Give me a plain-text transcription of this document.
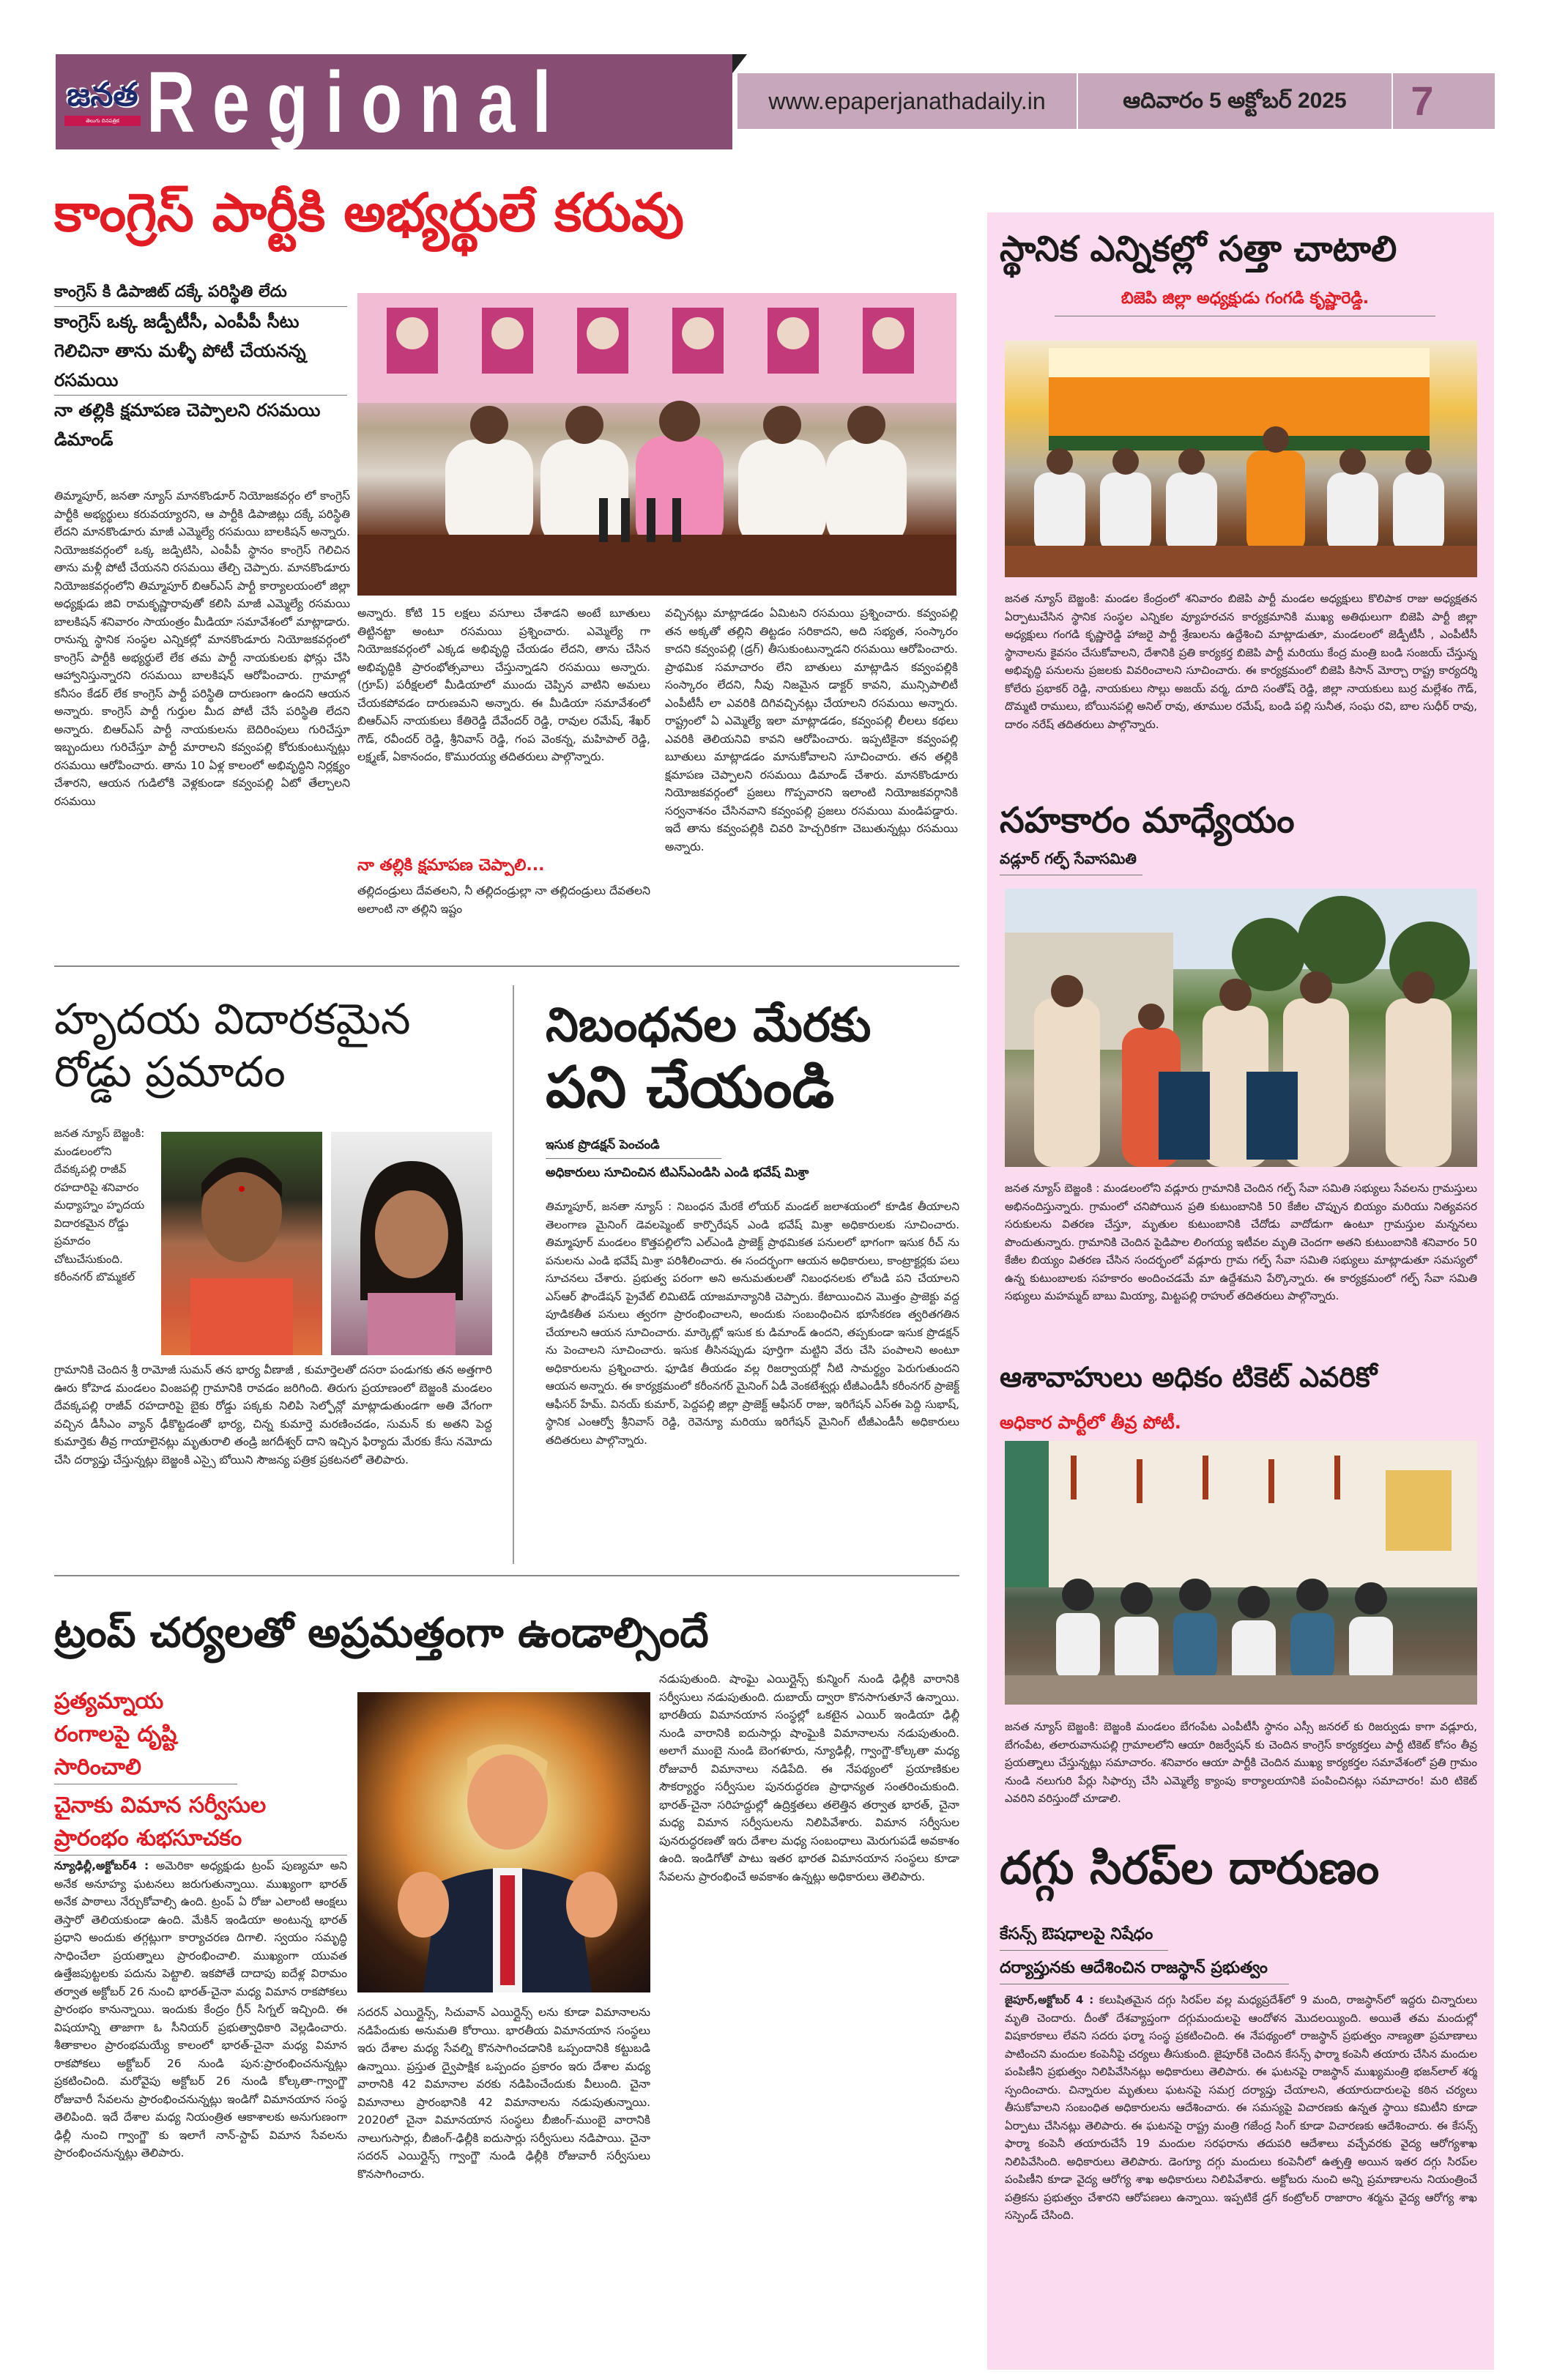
జనత
తెలుగు దినపత్రిక Regional	www.epaperjanathadaily.in	ఆదివారం 5 అక్టోబర్ 2025	7
కాంగ్రెస్ పార్టీకి అభ్యర్థులే కరువు
కాంగ్రెస్ కి డిపాజిట్ దక్కే పరిస్థితి లేదు
కాంగ్రెస్ ఒక్క జడ్పీటీసీ, ఎంపీపీ సీటు గెలిచినా తాను మళ్ళీ పోటీ చేయనన్న రసమయి
నా తల్లికి క్షమాపణ చెప్పాలని రసమయి డిమాండ్
తిమ్మాపూర్, జనతా న్యూస్ మానకొండూర్ నియోజకవర్గం లో కాంగ్రెస్ పార్టీకి అభ్యర్థులు కరువయ్యారని, ఆ పార్టీకి డిపాజిట్లు దక్కే పరిస్థితి లేదని మానకొండూరు మాజీ ఎమ్మెల్యే రసమయి బాలకిషన్ అన్నారు. నియోజకవర్గంలో ఒక్క జడ్పిటిసి, ఎంపీపీ స్థానం కాంగ్రెస్ గెలిచిన తాను మళ్లీ పోటీ చేయనని రసమయి తేల్చి చెప్పారు. మానకొండూరు నియోజకవర్గంలోని తిమ్మాపూర్ బిఆర్ఎస్ పార్టీ కార్యాలయంలో జిల్లా అధ్యక్షుడు జివి రామకృష్ణారావుతో కలిసి మాజీ ఎమ్మెల్యే రసమయి బాలకిషన్ శనివారం సాయంత్రం మీడియా సమావేశంలో మాట్లాడారు. రానున్న స్థానిక సంస్థల ఎన్నికల్లో మానకొండూరు నియోజకవర్గంలో కాంగ్రెస్ పార్టీకి అభ్యర్థులే లేక తమ పార్టీ నాయకులకు ఫోన్లు చేసి ఆహ్వానిస్తున్నారని రసమయి బాలకిషన్ ఆరోపించారు. గ్రామాల్లో కనీసం కేడర్ లేక కాంగ్రెస్ పార్టీ పరిస్థితి దారుణంగా ఉందని ఆయన అన్నారు. కాంగ్రెస్ పార్టీ గుర్తుల మీద పోటీ చేసే పరిస్థితి లేదని అన్నారు. బిఆర్ఎస్ పార్టీ నాయకులను బెదిరింపులు గురిచేస్తూ ఇబ్బందులు గురిచేస్తూ పార్టీ మారాలని కవ్వంపల్లి కోరుకుంటున్నట్లు రసమయి ఆరోపించారు. తాను 10 ఏళ్ల కాలంలో అభివృద్ధిని నిర్లక్ష్యం చేశారని, ఆయన గుడిలోకి వెళ్లకుండా కవ్వంపల్లి ఏటో తేల్చాలని రసమయి
అన్నారు. కోటి 15 లక్షలు వసూలు చేశాడని అంటే బూతులు తిట్టినట్టా అంటూ రసమయి ప్రశ్నించారు. ఎమ్మెల్యే గా నియోజకవర్గంలో ఎక్కడ అభివృద్ధి చేయడం లేదని, తాను చేసిన అభివృద్ధికి ప్రారంభోత్సవాలు చేస్తున్నాడని రసమయి అన్నారు. (గ్రూప్) పరీక్షలలో మీడియాలో ముందు చెప్పిన వాటిని అమలు చేయకపోవడం దారుణమని అన్నారు. ఈ మీడియా సమావేశంలో బిఆర్ఎస్ నాయకులు కేతిరెడ్డి దేవేందర్ రెడ్డి, రావుల రమేష్, శేఖర్ గౌడ్, రవీందర్ రెడ్డి, శ్రీనివాస్ రెడ్డి, గంప వెంకన్న, మహిపాల్ రెడ్డి, లక్ష్మణ్, ఏకానందం, కొమురయ్య తదితరులు పాల్గొన్నారు.
నా తల్లికి క్షమాపణ చెప్పాలి...
తల్లిదండ్రులు దేవతలని, నీ తల్లిదండ్రుల్లా నా తల్లిదండ్రులు దేవతలని అలాంటి నా తల్లిని ఇష్టం
వచ్చినట్లు మాట్లాడడం ఏమిటని రసమయి ప్రశ్నించారు. కవ్వంపల్లి తన అక్కతో తల్లిని తిట్టడం సరికాదని, అది సభ్యత, సంస్కారం కాదని కవ్వంపల్లి (డ్రగ్) తీసుకుంటున్నాడని రసమయి ఆరోపించారు. ప్రాథమిక సమాచారం లేని బాతులు మాట్లాడిన కవ్వంపల్లికి సంస్కారం లేదని, నీవు నిజమైన డాక్టర్ కావని, మున్సిపాలిటీ ఎంపీటీసీ లా ఎవరికి దిగివచ్చినట్లు చేయాలని రసమయి అన్నారు. రాష్ట్రంలో ఏ ఎమ్మెల్యే ఇలా మాట్లాడడం, కవ్వంపల్లి లీలలు కథలు ఎవరికి తెలియనివి కావని ఆరోపించారు. ఇప్పటికైనా కవ్వంపల్లి బూతులు మాట్లాడడం మానుకోవాలని సూచించారు. తన తల్లికి క్షమాపణ చెప్పాలని రసమయి డిమాండ్ చేశారు. మానకొండూరు నియోజకవర్గంలో ప్రజలు గొప్పవారని ఇలాంటి నియోజకవర్గానికి సర్వనాశనం చేసినవాని కవ్వంపల్లి ప్రజలు రసమయి మండిపడ్డారు. ఇదే తాను కవ్వంపల్లికి చివరి హెచ్చరికగా చెబుతున్నట్లు రసమయి అన్నారు.
హృదయ విదారకమైన రోడ్డు ప్రమాదం
జనత న్యూస్ బెజ్జంకి: మండలంలోని దేవక్కపల్లి రాజీవ్ రహదారిపై శనివారం మధ్యాహ్నం హృదయ విదారకమైన రోడ్డు ప్రమాదం చోటుచేసుకుంది. కరీంనగర్ బొమ్మకల్
గ్రామానికి చెందిన శ్రీ రామోజీ సుమన్ తన భార్య వీణాజీ , కుమార్తెలతో దసరా పండుగకు తన అత్తగారి ఊరు కోహెడ మండలం వింజపల్లి గ్రామానికి రావడం జరిగింది. తిరుగు ప్రయాణంలో బెజ్జంకి మండలం దేవక్కపల్లి రాజీవ్ రహదారిపై బైకు రోడ్డు పక్కకు నిలిపి సెల్ఫోన్లో మాట్లాడుతుండగా అతి వేగంగా వచ్చిన డీసీఎం వ్యాన్ ఢీకొట్టడంతో భార్య, చిన్న కుమార్తె మరణించడం, సుమన్ కు అతని పెద్ద కుమార్తెకు తీవ్ర గాయాలైనట్లు మృతురాలి తండ్రి జగదీశ్వర్ దాని ఇచ్చిన ఫిర్యాదు మేరకు కేసు నమోదు చేసి దర్యాప్తు చేస్తున్నట్లు బెజ్జంకి ఎస్సై బోయిని సౌజన్య పత్రిక ప్రకటనలో తెలిపారు.
నిబంధనల మేరకు
పని చేయండి
ఇసుక ప్రొడక్షన్ పెంచండి
అధికారులు సూచించిన టిఎస్ఎండిసి ఎండి భవేష్ మిశ్రా
తిమ్మాపూర్, జనతా న్యూస్ : నిబంధన మేరకే లోయర్ మండల్ జలాశయంలో కూడిక తీయాలని తెలంగాణ మైనింగ్ డెవలప్మెంట్ కార్పొరేషన్ ఎండి భవేష్ మిశ్రా అధికారులకు సూచించారు. తిమ్మాపూర్ మండలం కొత్తపల్లిలోని ఎల్ఎండి ప్రాజెక్ట్ ప్రాథమికత పనులలో భాగంగా ఇసుక రీచ్ ను పనులను ఎండి భవేష్ మిశ్రా పరిశీలించారు. ఈ సందర్భంగా ఆయన అధికారులు, కాంట్రాక్టర్లకు పలు సూచనలు చేశారు. ప్రభుత్వ పరంగా అని అనుమతులతో నిబంధనలకు లోబడి పని చేయాలని ఎస్ఆర్ ఫౌండేషన్ ప్రైవేట్ లిమిటెడ్ యాజమాన్యానికి చెప్పారు. కేటాయించిన మొత్తం ప్రాజెక్టు వద్ద పూడికతీత పనులు త్వరగా ప్రారంభించాలని, అందుకు సంబంధించిన భూసేకరణ త్వరితగతిన చేయాలని ఆయన సూచించారు. మార్కెట్లో ఇసుక కు డిమాండ్ ఉందని, తప్పకుండా ఇసుక ప్రొడక్షన్ ను పెంచాలని సూచించారు. ఇసుక తీసినప్పుడు పూర్తిగా మట్టిని వేరు చేసి పంపాలని అంటూ అధికారులను ప్రశ్నించారు. ఫూడిక తీయడం వల్ల రిజర్వాయర్లో నీటి సామర్థ్యం పెరుగుతుందని ఆయన అన్నారు. ఈ కార్యక్రమంలో కరీంనగర్ మైనింగ్ ఏడీ వెంకటేశ్వర్లు టీజీఎండీసీ కరీంనగర్ ప్రాజెక్ట్ ఆఫీసర్ హేమ్. వినయ్ కుమార్, పెద్దపల్లి జిల్లా ప్రాజెక్ట్ ఆఫీసర్ రాజు, ఇరిగేషన్ ఎస్ఈ పెద్ది సుభాష్, స్థానిక ఎంఆర్వో శ్రీనివాస్ రెడ్డి, రెవెన్యూ మరియు ఇరిగేషన్ మైనింగ్ టీజీఎండీసీ అధికారులు తదితరులు పాల్గొన్నారు.
ట్రంప్ చర్యలతో అప్రమత్తంగా ఉండాల్సిందే
ప్రత్యమ్నాయ రంగాలపై దృష్టి సారించాలి
చైనాకు విమాన సర్వీసుల ప్రారంభం శుభసూచకం
న్యూఢిల్లీ,అక్టోబర్4 : అమెరికా అధ్యక్షుడు ట్రంప్ పుణ్యమా అని అనేక అనూహ్య ఘటనలు జరుగుతున్నాయి. ముఖ్యంగా భారత్ అనేక పాఠాలు నేర్చుకోవాల్సి ఉంది. ట్రంప్ ఏ రోజు ఎలాంటి ఆంక్షలు తెస్తారో తెలియకుండా ఉంది. మేకిన్ ఇండియా అంటున్న భారత్ ప్రధాని అందుకు తగ్గట్లుగా కార్యాచరణ దిగాలి. స్వయం సమృద్ధి సాధించేలా ప్రయత్నాలు ప్రారంభించాలి. ముఖ్యంగా యువత ఉత్తేజపుట్టలకు పదును పెట్టాలి. ఇకపోతే దాదాపు ఐదేళ్ల విరామం తర్వాత అక్టోబర్ 26 నుంచి భారత్-చైనా మధ్య విమాన రాకపోకలు ప్రారంభం కానున్నాయి. ఇందుకు కేంద్రం గ్రీన్ సిగ్నల్ ఇచ్చింది. ఈ విషయాన్ని తాజాగా ఓ సీనియర్ ప్రభుత్వాధికారి వెల్లడించారు. శీతాకాలం ప్రారంభమయ్యే కాలంలో భారత్-చైనా మధ్య విమాన రాకపోకలు అక్టోబర్ 26 నుండి పున:ప్రారంభించనున్నట్లు ప్రకటించింది. మరోవైపు అక్టోబర్ 26 నుండి కోల్కతా-గ్వాంగ్జౌ రోజువారీ సేవలను ప్రారంభించనున్నట్లు ఇండిగో విమానయాన సంస్థ తెలిపింది. ఇదే దేశాల మధ్య నియంత్రిత ఆకాశాలకు అనుగుణంగా ఢిల్లీ నుంచి గ్వాంగ్జౌ కు ఇలాగే నాన్-స్టాప్ విమాన సేవలను ప్రారంభించనున్నట్లు తెలిపారు.
సదరన్ ఎయిర్లైన్స్, సిచువాన్ ఎయిర్లైన్స్ లను కూడా విమానాలను నడిపేందుకు అనుమతి కోరాయి. భారతీయ విమానయాన సంస్థలు ఇరు దేశాల మధ్య సేవల్ని కొనసాగించడానికి ఒప్పందానికి కట్టుబడి ఉన్నాయి. ప్రస్తుత ద్వైపాక్షిక ఒప్పందం ప్రకారం ఇరు దేశాల మధ్య వారానికి 42 విమానాల వరకు నడిపించేందుకు వీలుంది. చైనా విమానాలు ప్రారంభానికి 42 విమానాలను నడుపుతున్నాయి. 2020లో చైనా విమానయాన సంస్థలు బీజింగ్-ముంబై వారానికి నాలుగుసార్లు, బీజింగ్-ఢిల్లీకి ఐదుసార్లు సర్వీసులు నడిపాయి. చైనా సదరన్ ఎయిర్లైన్స్ గ్వాంగ్జౌ నుండి ఢిల్లీకి రోజువారీ సర్వీసులు కొనసాగించారు.
నడుపుతుంది. షాంఘై ఎయిర్లైన్స్ కున్మింగ్ నుండి ఢిల్లీకి వారానికి సర్వీసులు నడుపుతుంది. దుబాయ్ ద్వారా కొనసాగుతూనే ఉన్నాయి. భారతీయ విమానయాన సంస్థల్లో ఒకటైన ఎయిర్ ఇండియా ఢిల్లీ నుండి వారానికి ఐదుసార్లు షాంఘైకి విమానాలను నడుపుతుంది. అలాగే ముంబై నుండి బెంగళూరు, న్యూఢిల్లీ, గ్వాంగ్జౌ-కోల్కతా మధ్య రోజువారీ విమానాలు నడిపేది. ఈ నేపథ్యంలో ప్రయాణికుల సౌకర్యార్థం సర్వీసుల పునరుద్ధరణ ప్రాధాన్యత సంతరించుకుంది. భారత్-చైనా సరిహద్దుల్లో ఉద్రిక్తతలు తలెత్తిన తర్వాత భారత్, చైనా మధ్య విమాన సర్వీసులను నిలిపివేశారు. విమాన సర్వీసుల పునరుద్ధరణతో ఇరు దేశాల మధ్య సంబంధాలు మెరుగుపడే అవకాశం ఉంది. ఇండిగోతో పాటు ఇతర భారత విమానయాన సంస్థలు కూడా సేవలను ప్రారంభించే అవకాశం ఉన్నట్లు అధికారులు తెలిపారు.
స్థానిక ఎన్నికల్లో సత్తా చాటాలి
బిజెపి జిల్లా అధ్యక్షుడు గంగడి కృష్ణారెడ్డి.
జనత న్యూస్ బెజ్జంకి: మండల కేంద్రంలో శనివారం బిజెపి పార్టీ మండల అధ్యక్షులు కొలిపాక రాజు అధ్యక్షతన ఏర్పాటుచేసిన స్థానిక సంస్థల ఎన్నికల వ్యూహరచన కార్యక్రమానికి ముఖ్య అతిథులుగా బిజెపి పార్టీ జిల్లా అధ్యక్షులు గంగడి కృష్ణారెడ్డి హాజరై పార్టీ శ్రేణులను ఉద్దేశించి మాట్లాడుతూ, మండలంలో జెడ్పీటీసీ , ఎంపీటీసీ స్థానాలను కైవసం చేసుకోవాలని, దేశానికి ప్రతి కార్యకర్త బిజెపి పార్టీ మరియు కేంద్ర మంత్రి బండి సంజయ్ చేస్తున్న అభివృద్ధి పనులను ప్రజలకు వివరించాలని సూచించారు. ఈ కార్యక్రమంలో బిజెపి కిసాన్ మోర్చా రాష్ట్ర కార్యదర్శి కోలేరు ప్రభాకర్ రెడ్డి, నాయకులు సొల్లు అజయ్ వర్మ, దూది సంతోష్ రెడ్డి, జిల్లా నాయకులు బుర్ర మల్లేశం గౌడ్, దొమ్మటి రాములు, బోయినపల్లి అనిల్ రావు, తూముల రమేష్, బండి పల్లి సునీత, సంఘ రవి, బాల సుధీర్ రావు, దారం నరేష్ తదితరులు పాల్గొన్నారు.
సహకారం మాధ్యేయం
వడ్లూర్ గల్ఫ్ సేవాసమితి
జనత న్యూస్ బెజ్జంకి : మండలంలోని వడ్లూరు గ్రామానికి చెందిన గల్ఫ్ సేవా సమితి సభ్యులు సేవలను గ్రామస్తులు అభినందిస్తున్నారు. గ్రామంలో చనిపోయిన ప్రతి కుటుంబానికి 50 కేజీల చొప్పున బియ్యం మరియు నిత్యవసర సరుకులను వితరణ చేస్తూ, మృతుల కుటుంబానికి చేదోడు వాదోడుగా ఉంటూ గ్రామస్తుల మన్ననలు పొందుతున్నారు. గ్రామానికి చెందిన పైడిపాల లింగయ్య ఇటీవల మృతి చెందగా అతని కుటుంబానికి శనివారం 50 కేజీల బియ్యం వితరణ చేసిన సందర్భంలో వడ్లూరు గ్రామ గల్ఫ్ సేవా సమితి సభ్యులు మాట్లాడుతూ సమస్యలో ఉన్న కుటుంబాలకు సహకారం అందించడమే మా ఉద్దేశమని పేర్కొన్నారు. ఈ కార్యక్రమంలో గల్ఫ్ సేవా సమితి సభ్యులు మహమ్మద్ బాబు మియ్యా, మిట్టపల్లి రాహుల్ తదితరులు పాల్గొన్నారు.
ఆశావాహులు అధికం టికెట్ ఎవరికో
అధికార పార్టీలో తీవ్ర పోటీ.
జనత న్యూస్ బెజ్జంకి: బెజ్జంకి మండలం బేగంపేట ఎంపీటీసీ స్థానం ఎస్సీ జనరల్ కు రిజర్వుడు కాగా వడ్లూరు, బేగంపేట, తలారువానుపల్లి గ్రామాలలోని ఆయా రిజర్వేషన్ కు చెందిన కాంగ్రెస్ కార్యకర్తలు పార్టీ టికెట్ కోసం తీవ్ర ప్రయత్నాలు చేస్తున్నట్లు సమాచారం. శనివారం ఆయా పార్టీకి చెందిన ముఖ్య కార్యకర్తల సమావేశంలో ప్రతి గ్రామం నుండి నలుగురి పేర్లు సిఫార్సు చేసి ఎమ్మెల్యే క్యాంపు కార్యాలయానికి పంపించినట్లు సమాచారం! మరి టికెట్ ఎవరిని వరిస్తుందో చూడాలి.
దగ్గు సిరప్‌ల దారుణం
కేసన్స్ ఔషధాలపై నిషేధం
దర్యాప్తునకు ఆదేశించిన రాజస్థాన్ ప్రభుత్వం
జైపూర్,అక్టోబర్ 4 : కలుషితమైన దగ్గు సిరప్‌ల వల్ల మధ్యప్రదేశ్‌లో 9 మంది, రాజస్థాన్‌లో ఇద్దరు చిన్నారులు మృతి చెందారు. దీంతో దేశవ్యాప్తంగా దగ్గుమందులపై ఆందోళన మొదలయ్యింది. అయితే తమ మందుల్లో విషకారకాలు లేవని సదరు ఫర్మా సంస్థ ప్రకటించింది. ఈ నేపథ్యంలో రాజస్థాన్ ప్రభుత్వం నాణ్యతా ప్రమాణాలు పాటించని మందుల కంపెనీపై చర్యలు తీసుకుంది. జైపూర్‌కి చెందిన కేసన్స్ ఫార్మా కంపెనీ తయారు చేసిన మందుల పంపిణీని ప్రభుత్వం నిలిపివేసినట్లు అధికారులు తెలిపారు. ఈ ఘటనపై రాజస్థాన్ ముఖ్యమంత్రి భజన్‌లాల్ శర్మ స్పందించారు. చిన్నారుల మృతులు ఘటనపై సమగ్ర దర్యాప్తు చేయాలని, తయారుదారులపై కఠిన చర్యలు తీసుకోవాలని సంబంధిత అధికారులను ఆదేశించారు. ఈ సమస్యపై విచారణకు ఉన్నత స్థాయి కమిటీని కూడా ఏర్పాటు చేసినట్లు తెలిపారు. ఈ ఘటనపై రాష్ట్ర మంత్రి గజేంద్ర సింగ్ కూడా విచారణకు ఆదేశించారు. ఈ కేసన్స్ ఫార్మా కంపెనీ తయారుచేసే 19 మందుల సరఫరాను తదుపరి ఆదేశాలు వచ్చేవరకు వైద్య ఆరోగ్యశాఖ నిలిపివేసింది. అధికారులు తెలిపారు. డెంగ్యూ దగ్గు మందులు కంపెనీలో ఉత్పత్తి అయిన ఇతర దగ్గు సిరప్‌ల పంపిణీని కూడా వైద్య ఆరోగ్య శాఖ అధికారులు నిలిపివేశారు. అక్టోబరు నుంచి అన్ని ప్రమాణాలను నియంత్రించే పత్రికను ప్రభుత్వం చేశారని ఆరోపణలు ఉన్నాయి. ఇప్పటికే డ్రగ్ కంట్రోలర్ రాజారాం శర్మను వైద్య ఆరోగ్య శాఖ సస్పెండ్ చేసింది.
